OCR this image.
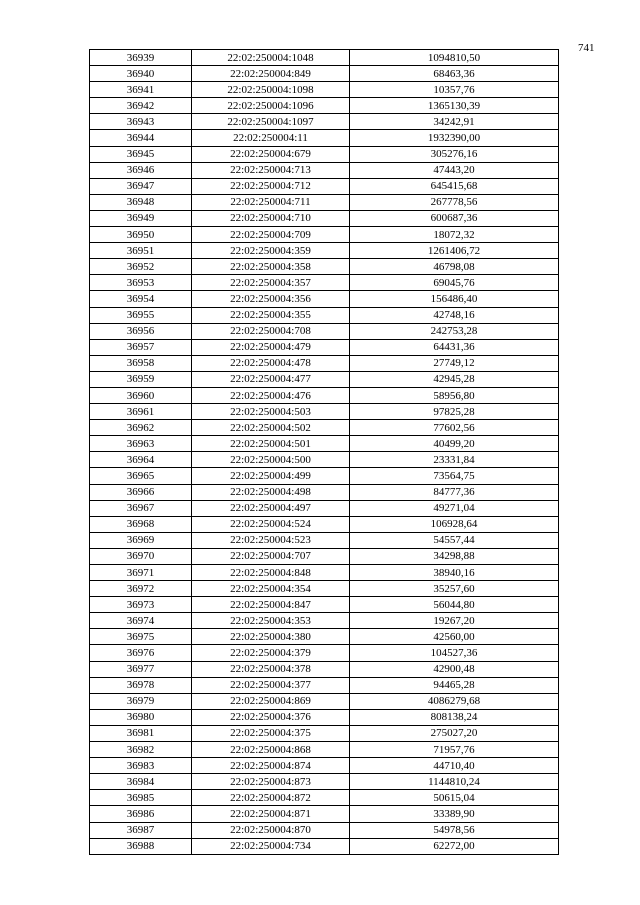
741
36939	22:02:250004:1048	1094810,50
36940	22:02:250004:849	68463,36
36941	22:02:250004:1098	10357,76
36942	22:02:250004:1096	1365130,39
36943	22:02:250004:1097	34242,91
36944	22:02:250004:11	1932390,00
36945	22:02:250004:679	305276,16
36946	22:02:250004:713	47443,20
36947	22:02:250004:712	645415,68
36948	22:02:250004:711	267778,56
36949	22:02:250004:710	600687,36
36950	22:02:250004:709	18072,32
36951	22:02:250004:359	1261406,72
36952	22:02:250004:358	46798,08
36953	22:02:250004:357	69045,76
36954	22:02:250004:356	156486,40
36955	22:02:250004:355	42748,16
36956	22:02:250004:708	242753,28
36957	22:02:250004:479	64431,36
36958	22:02:250004:478	27749,12
36959	22:02:250004:477	42945,28
36960	22:02:250004:476	58956,80
36961	22:02:250004:503	97825,28
36962	22:02:250004:502	77602,56
36963	22:02:250004:501	40499,20
36964	22:02:250004:500	23331,84
36965	22:02:250004:499	73564,75
36966	22:02:250004:498	84777,36
36967	22:02:250004:497	49271,04
36968	22:02:250004:524	106928,64
36969	22:02:250004:523	54557,44
36970	22:02:250004:707	34298,88
36971	22:02:250004:848	38940,16
36972	22:02:250004:354	35257,60
36973	22:02:250004:847	56044,80
36974	22:02:250004:353	19267,20
36975	22:02:250004:380	42560,00
36976	22:02:250004:379	104527,36
36977	22:02:250004:378	42900,48
36978	22:02:250004:377	94465,28
36979	22:02:250004:869	4086279,68
36980	22:02:250004:376	808138,24
36981	22:02:250004:375	275027,20
36982	22:02:250004:868	71957,76
36983	22:02:250004:874	44710,40
36984	22:02:250004:873	1144810,24
36985	22:02:250004:872	50615,04
36986	22:02:250004:871	33389,90
36987	22:02:250004:870	54978,56
36988	22:02:250004:734	62272,00
